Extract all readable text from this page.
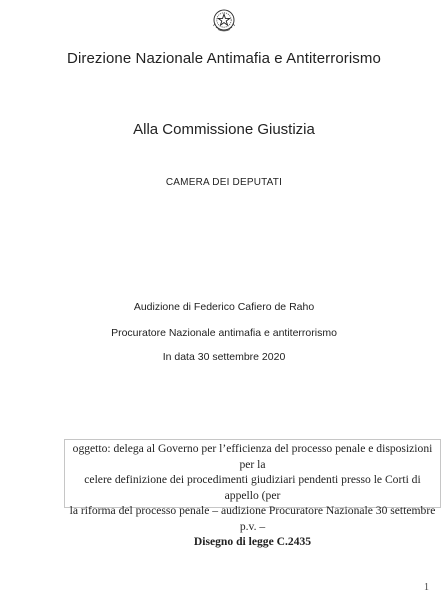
Direzione Nazionale Antimafia e Antiterrorismo
Alla Commissione Giustizia
CAMERA DEI DEPUTATI
Audizione di Federico Cafiero de Raho
Procuratore Nazionale antimafia e antiterrorismo
In data 30 settembre 2020
oggetto: delega al Governo per l’efficienza del processo penale e disposizioni per la
celere definizione dei procedimenti giudiziari pendenti presso le Corti di appello (per
la riforma del processo penale – audizione Procuratore Nazionale 30 settembre p.v. –
Disegno di legge C.2435
1
